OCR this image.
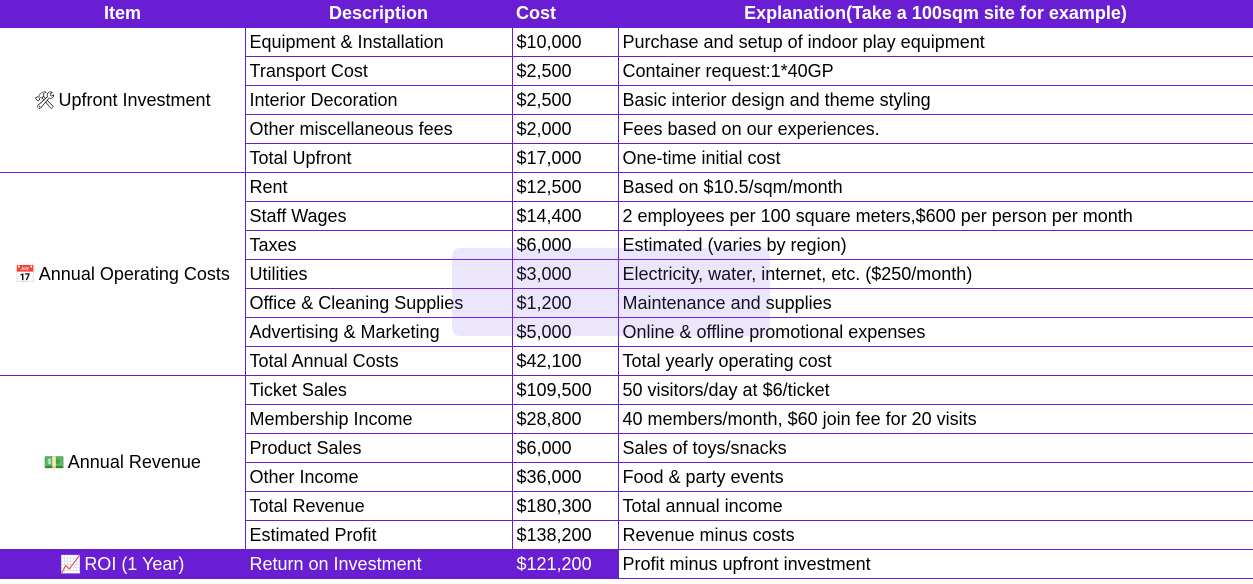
Item	Description	Cost	Explanation(Take a 100sqm site for example)
🛠 Upfront Investment	Equipment & Installation	$10,000	Purchase and setup of indoor play equipment
	Transport Cost	$2,500	Container request:1*40GP
	Interior Decoration	$2,500	Basic interior design and theme styling
	Other miscellaneous fees	$2,000	Fees based on our experiences.
	Total Upfront	$17,000	One-time initial cost
📅 Annual Operating Costs	Rent	$12,500	Based on $10.5/sqm/month
	Staff Wages	$14,400	2 employees per 100 square meters,$600 per person per month
	Taxes	$6,000	Estimated (varies by region)
	Utilities	$3,000	Electricity, water, internet, etc. ($250/month)
	Office & Cleaning Supplies	$1,200	Maintenance and supplies
	Advertising & Marketing	$5,000	Online & offline promotional expenses
	Total Annual Costs	$42,100	Total yearly operating cost
💵 Annual Revenue	Ticket Sales	$109,500	50 visitors/day at $6/ticket
	Membership Income	$28,800	40 members/month, $60 join fee for 20 visits
	Product Sales	$6,000	Sales of toys/snacks
	Other Income	$36,000	Food & party events
	Total Revenue	$180,300	Total annual income
	Estimated Profit	$138,200	Revenue minus costs
📈 ROI (1 Year)	Return on Investment	$121,200	Profit minus upfront investment
